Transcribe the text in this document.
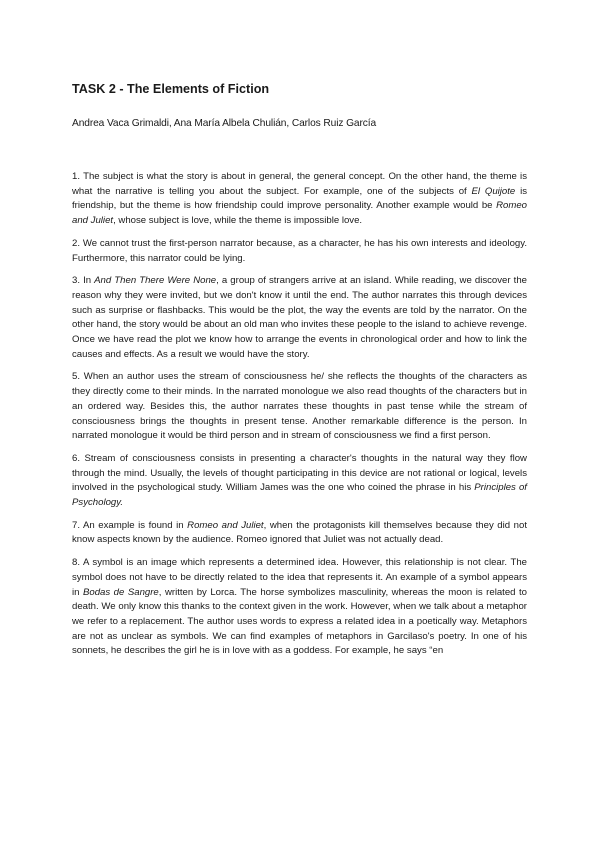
TASK 2 - The Elements of Fiction

Andrea Vaca Grimaldi, Ana María Albela Chulián, Carlos Ruiz García

1. The subject is what the story is about in general, the general concept. On the other hand, the theme is what the narrative is telling you about the subject. For example, one of the subjects of El Quijote is friendship, but the theme is how friendship could improve personality. Another example would be Romeo and Juliet, whose subject is love, while the theme is impossible love.

2. We cannot trust the first-person narrator because, as a character, he has his own interests and ideology. Furthermore, this narrator could be lying.

3. In And Then There Were None, a group of strangers arrive at an island. While reading, we discover the reason why they were invited, but we don't know it until the end. The author narrates this through devices such as surprise or flashbacks. This would be the plot, the way the events are told by the narrator. On the other hand, the story would be about an old man who invites these people to the island to achieve revenge. Once we have read the plot we know how to arrange the events in chronological order and how to link the causes and effects. As a result we would have the story.

5. When an author uses the stream of consciousness he/ she reflects the thoughts of the characters as they directly come to their minds. In the narrated monologue we also read thoughts of the characters but in an ordered way. Besides this, the author narrates these thoughts in past tense while the stream of consciousness brings the thoughts in present tense. Another remarkable difference is the person. In narrated monologue it would be third person and in stream of consciousness we find a first person.

6. Stream of consciousness consists in presenting a character's thoughts in the natural way they flow through the mind. Usually, the levels of thought participating in this device are not rational or logical, levels involved in the psychological study. William James was the one who coined the phrase in his Principles of Psychology.

7. An example is found in Romeo and Juliet, when the protagonists kill themselves because they did not know aspects known by the audience. Romeo ignored that Juliet was not actually dead.

8. A symbol is an image which represents a determined idea. However, this relationship is not clear. The symbol does not have to be directly related to the idea that represents it. An example of a symbol appears in Bodas de Sangre, written by Lorca. The horse symbolizes masculinity, whereas the moon is related to death. We only know this thanks to the context given in the work. However, when we talk about a metaphor we refer to a replacement. The author uses words to express a related idea in a poetically way. Metaphors are not as unclear as symbols. We can find examples of metaphors in Garcilaso's poetry. In one of his sonnets, he describes the girl he is in love with as a goddess. For example, he says “en
